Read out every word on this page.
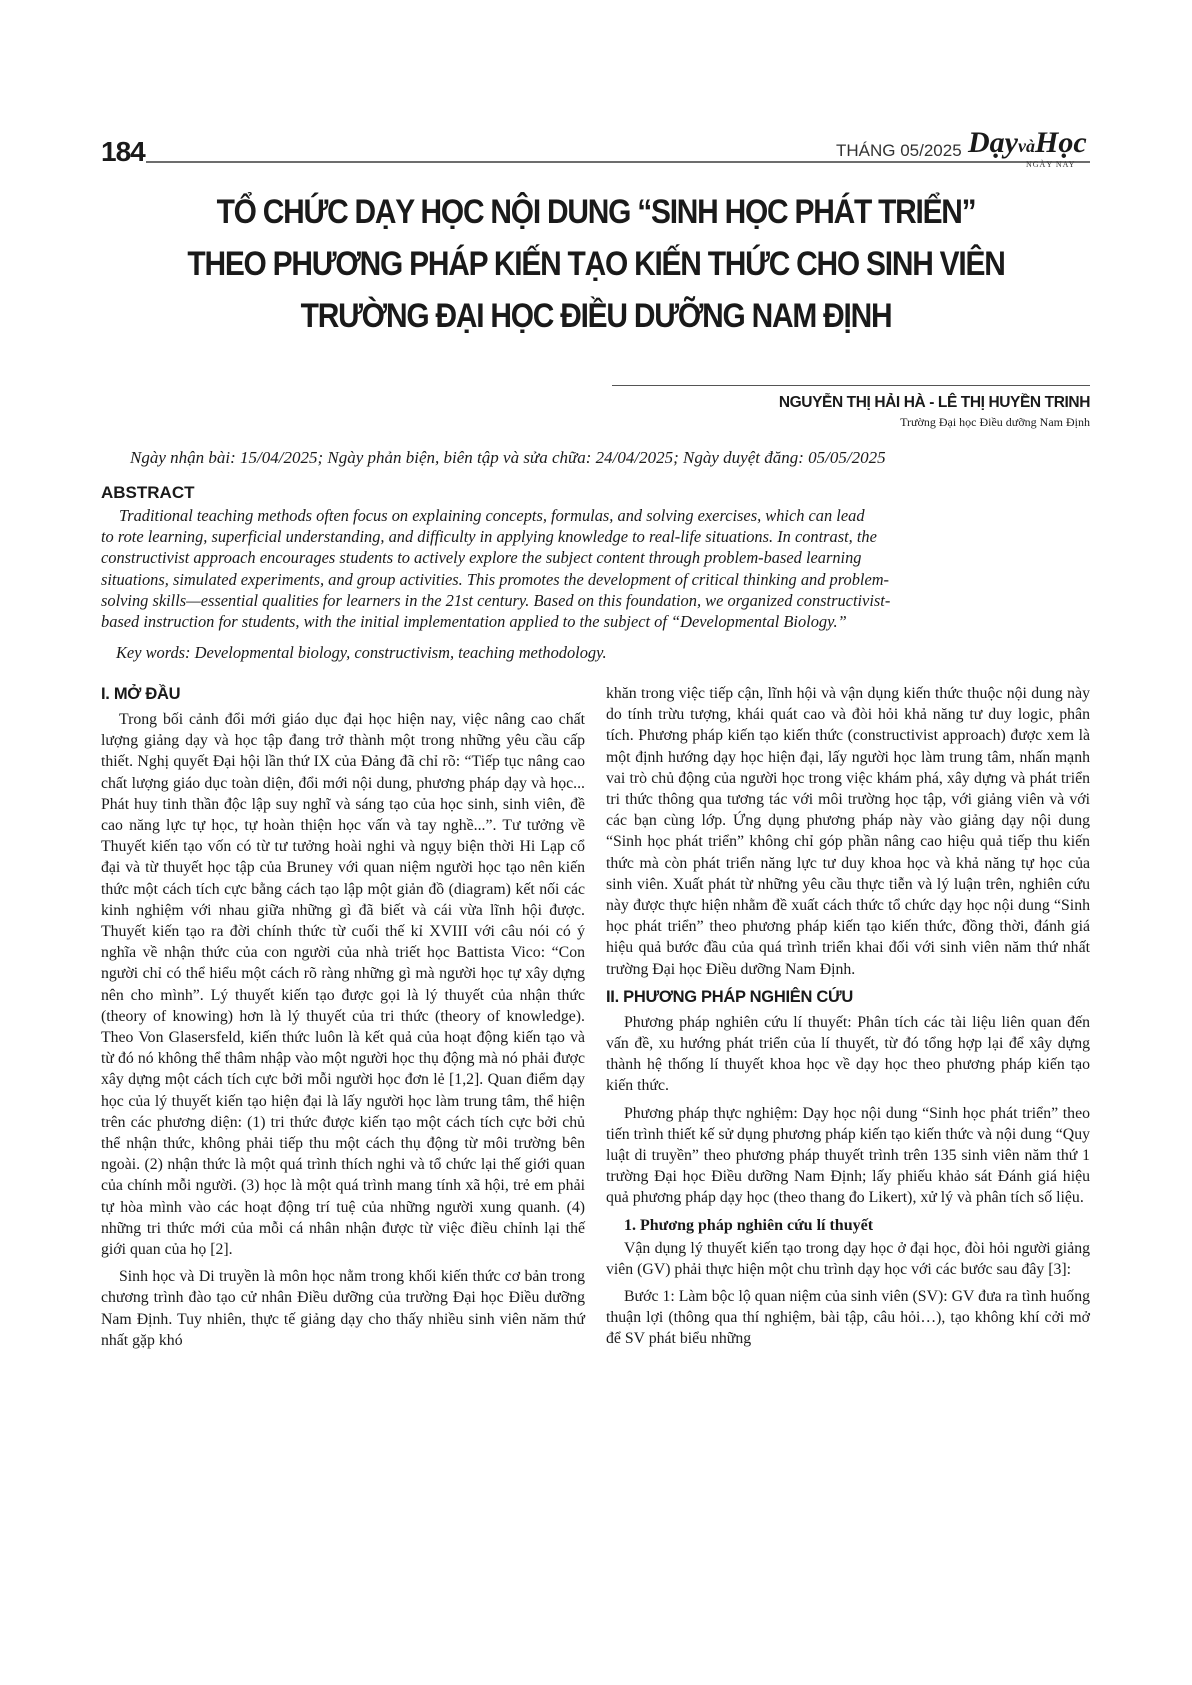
184	THÁNG 05/2025 DạyvàHọc
NGÀY NAY
TỔ CHỨC DẠY HỌC NỘI DUNG “SINH HỌC PHÁT TRIỂN”
THEO PHƯƠNG PHÁP KIẾN TẠO KIẾN THỨC CHO SINH VIÊN
TRƯỜNG ĐẠI HỌC ĐIỀU DƯỠNG NAM ĐỊNH
NGUYỄN THỊ HẢI HÀ - LÊ THỊ HUYỀN TRINH
Trường Đại học Điều dưỡng Nam Định
Ngày nhận bài: 15/04/2025; Ngày phản biện, biên tập và sửa chữa: 24/04/2025; Ngày duyệt đăng: 05/05/2025
ABSTRACT
Traditional teaching methods often focus on explaining concepts, formulas, and solving exercises, which can lead
to rote learning, superficial understanding, and difficulty in applying knowledge to real-life situations. In contrast, the
constructivist approach encourages students to actively explore the subject content through problem-based learning
situations, simulated experiments, and group activities. This promotes the development of critical thinking and problem-
solving skills—essential qualities for learners in the 21st century. Based on this foundation, we organized constructivist-
based instruction for students, with the initial implementation applied to the subject of “Developmental Biology.”
Key words: Developmental biology, constructivism, teaching methodology.
I. MỞ ĐẦU

Trong bối cảnh đổi mới giáo dục đại học hiện nay, việc nâng cao chất lượng giảng dạy và học tập đang trở thành một trong những yêu cầu cấp thiết. Nghị quyết Đại hội lần thứ IX của Đảng đã chỉ rõ: “Tiếp tục nâng cao chất lượng giáo dục toàn diện, đổi mới nội dung, phương pháp dạy và học... Phát huy tinh thần độc lập suy nghĩ và sáng tạo của học sinh, sinh viên, đề cao năng lực tự học, tự hoàn thiện học vấn và tay nghề...”. Tư tưởng về Thuyết kiến tạo vốn có từ tư tưởng hoài nghi và ngụy biện thời Hi Lạp cổ đại và từ thuyết học tập của Bruney với quan niệm người học tạo nên kiến thức một cách tích cực bằng cách tạo lập một giản đồ (diagram) kết nối các kinh nghiệm với nhau giữa những gì đã biết và cái vừa lĩnh hội được. Thuyết kiến tạo ra đời chính thức từ cuối thế kỉ XVIII với câu nói có ý nghĩa về nhận thức của con người của nhà triết học Battista Vico: “Con người chỉ có thể hiểu một cách rõ ràng những gì mà người học tự xây dựng nên cho mình”. Lý thuyết kiến tạo được gọi là lý thuyết của nhận thức (theory of knowing) hơn là lý thuyết của tri thức (theory of knowledge). Theo Von Glasersfeld, kiến thức luôn là kết quả của hoạt động kiến tạo và từ đó nó không thể thâm nhập vào một người học thụ động mà nó phải được xây dựng một cách tích cực bởi mỗi người học đơn lẻ [1,2]. Quan điểm dạy học của lý thuyết kiến tạo hiện đại là lấy người học làm trung tâm, thể hiện trên các phương diện: (1) tri thức được kiến tạo một cách tích cực bởi chủ thể nhận thức, không phải tiếp thu một cách thụ động từ môi trường bên ngoài. (2) nhận thức là một quá trình thích nghi và tổ chức lại thế giới quan của chính mỗi người. (3) học là một quá trình mang tính xã hội, trẻ em phải tự hòa mình vào các hoạt động trí tuệ của những người xung quanh. (4) những tri thức mới của mỗi cá nhân nhận được từ việc điều chỉnh lại thế giới quan của họ [2].

Sinh học và Di truyền là môn học nằm trong khối kiến thức cơ bản trong chương trình đào tạo cử nhân Điều dưỡng của trường Đại học Điều dưỡng Nam Định. Tuy nhiên, thực tế giảng dạy cho thấy nhiều sinh viên năm thứ nhất gặp khó

khăn trong việc tiếp cận, lĩnh hội và vận dụng kiến thức thuộc nội dung này do tính trừu tượng, khái quát cao và đòi hỏi khả năng tư duy logic, phân tích. Phương pháp kiến tạo kiến thức (constructivist approach) được xem là một định hướng dạy học hiện đại, lấy người học làm trung tâm, nhấn mạnh vai trò chủ động của người học trong việc khám phá, xây dựng và phát triển tri thức thông qua tương tác với môi trường học tập, với giảng viên và với các bạn cùng lớp. Ứng dụng phương pháp này vào giảng dạy nội dung “Sinh học phát triển” không chỉ góp phần nâng cao hiệu quả tiếp thu kiến thức mà còn phát triển năng lực tư duy khoa học và khả năng tự học của sinh viên. Xuất phát từ những yêu cầu thực tiễn và lý luận trên, nghiên cứu này được thực hiện nhằm đề xuất cách thức tổ chức dạy học nội dung “Sinh học phát triển” theo phương pháp kiến tạo kiến thức, đồng thời, đánh giá hiệu quả bước đầu của quá trình triển khai đối với sinh viên năm thứ nhất trường Đại học Điều dưỡng Nam Định.

II. PHƯƠNG PHÁP NGHIÊN CỨU

Phương pháp nghiên cứu lí thuyết: Phân tích các tài liệu liên quan đến vấn đề, xu hướng phát triển của lí thuyết, từ đó tổng hợp lại để xây dựng thành hệ thống lí thuyết khoa học về dạy học theo phương pháp kiến tạo kiến thức.

Phương pháp thực nghiệm: Dạy học nội dung “Sinh học phát triển” theo tiến trình thiết kế sử dụng phương pháp kiến tạo kiến thức và nội dung “Quy luật di truyền” theo phương pháp thuyết trình trên 135 sinh viên năm thứ 1 trường Đại học Điều dưỡng Nam Định; lấy phiếu khảo sát Đánh giá hiệu quả phương pháp dạy học (theo thang đo Likert), xử lý và phân tích số liệu.

1. Phương pháp nghiên cứu lí thuyết

Vận dụng lý thuyết kiến tạo trong dạy học ở đại học, đòi hỏi người giảng viên (GV) phải thực hiện một chu trình dạy học với các bước sau đây [3]:

Bước 1: Làm bộc lộ quan niệm của sinh viên (SV): GV đưa ra tình huống thuận lợi (thông qua thí nghiệm, bài tập, câu hỏi…), tạo không khí cởi mở để SV phát biểu những
